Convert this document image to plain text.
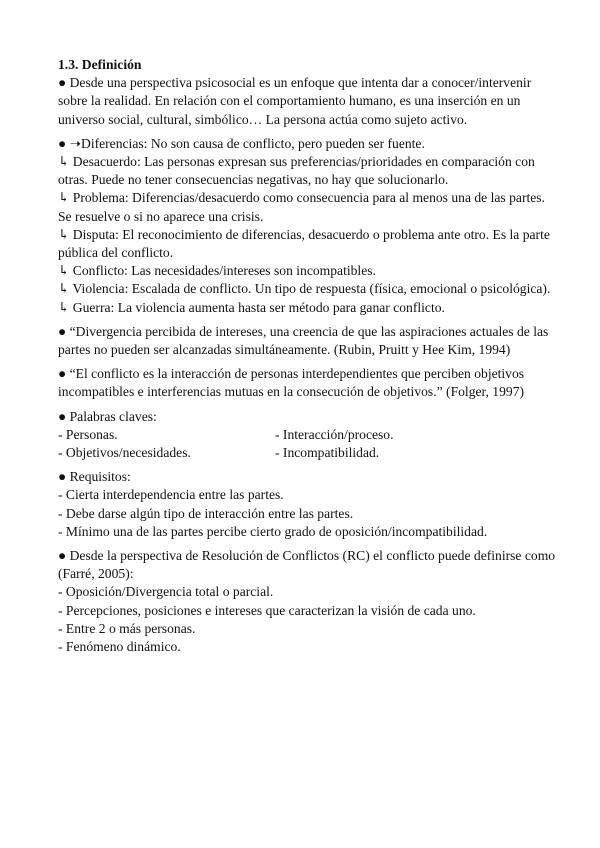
1.3. Definición

● Desde una perspectiva psicosocial es un enfoque que intenta dar a conocer/intervenir sobre la realidad. En relación con el comportamiento humano, es una inserción en un universo social, cultural, simbólico… La persona actúa como sujeto activo.

● ➝Diferencias: No son causa de conflicto, pero pueden ser fuente.
↳ Desacuerdo: Las personas expresan sus preferencias/prioridades en comparación con otras. Puede no tener consecuencias negativas, no hay que solucionarlo.
↳ Problema: Diferencias/desacuerdo como consecuencia para al menos una de las partes. Se resuelve o si no aparece una crisis.
↳ Disputa: El reconocimiento de diferencias, desacuerdo o problema ante otro. Es la parte pública del conflicto.
↳ Conflicto: Las necesidades/intereses son incompatibles.
↳ Violencia: Escalada de conflicto. Un tipo de respuesta (física, emocional o psicológica).
↳ Guerra: La violencia aumenta hasta ser método para ganar conflicto.

● “Divergencia percibida de intereses, una creencia de que las aspiraciones actuales de las partes no pueden ser alcanzadas simultáneamente. (Rubin, Pruitt y Hee Kim, 1994)

● “El conflicto es la interacción de personas interdependientes que perciben objetivos incompatibles e interferencias mutuas en la consecución de objetivos.” (Folger, 1997)

● Palabras claves:
- Personas.	- Interacción/proceso.
- Objetivos/necesidades.	- Incompatibilidad.
● Requisitos:
- Cierta interdependencia entre las partes.
- Debe darse algún tipo de interacción entre las partes.
- Mínimo una de las partes percibe cierto grado de oposición/incompatibilidad.
● Desde la perspectiva de Resolución de Conflictos (RC) el conflicto puede definirse como (Farré, 2005):
- Oposición/Divergencia total o parcial.
- Percepciones, posiciones e intereses que caracterizan la visión de cada uno.
- Entre 2 o más personas.
- Fenómeno dinámico.
